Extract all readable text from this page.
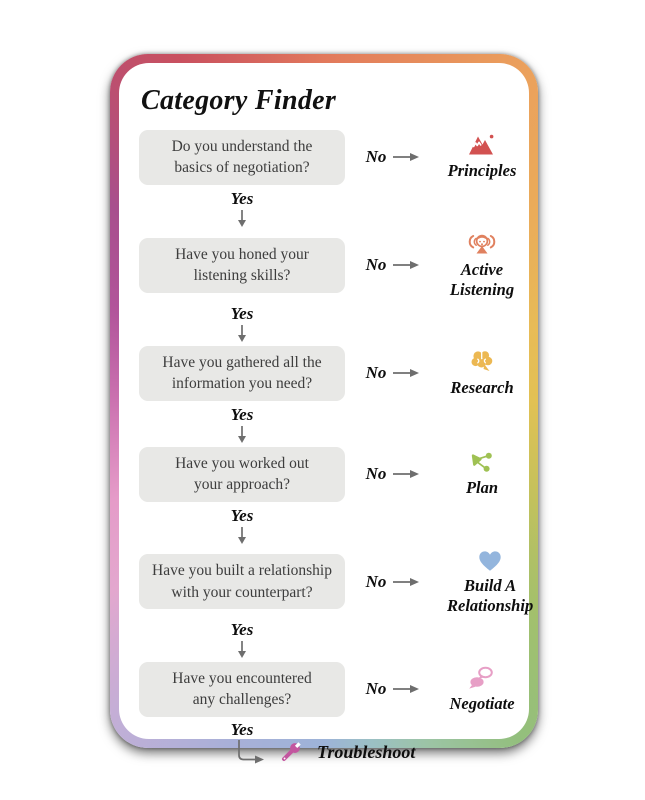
Category Finder
Do you understand the
basics of negotiation?
No
Principles
Yes
Have you honed your
listening skills?
No	Active Listening
Yes
Have you gathered all the
information you need?
No
Research
Yes
Have you worked out
your approach?
No
Plan
Yes
Have you built a relationship
with your counterpart?
No	Build A Relationship
Yes
Have you encountered
any challenges?
No
Negotiate
Yes
Troubleshoot
